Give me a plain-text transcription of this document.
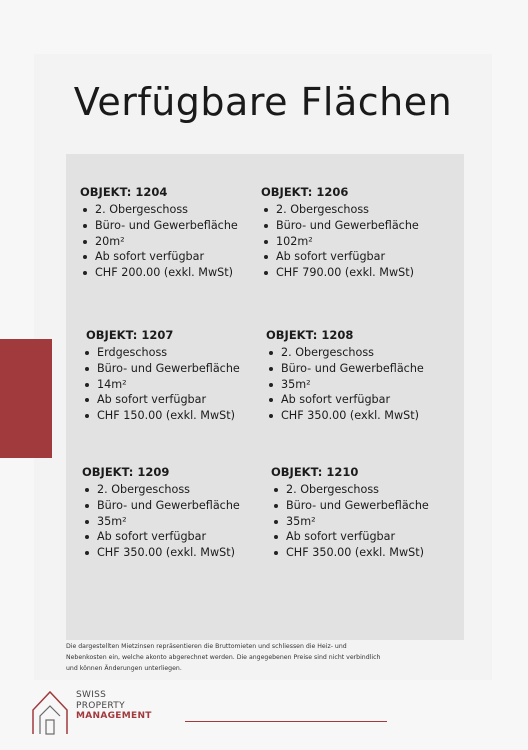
Verfügbare Flächen

OBJEKT: 1204

2. Obergeschoss
Büro- und Gewerbefläche
20m²
Ab sofort verfügbar
CHF 200.00 (exkl. MwSt)

OBJEKT: 1206

2. Obergeschoss
Büro- und Gewerbefläche
102m²
Ab sofort verfügbar
CHF 790.00 (exkl. MwSt)

OBJEKT: 1207

Erdgeschoss
Büro- und Gewerbefläche
14m²
Ab sofort verfügbar
CHF 150.00 (exkl. MwSt)

OBJEKT: 1208

2. Obergeschoss
Büro- und Gewerbefläche
35m²
Ab sofort verfügbar
CHF 350.00 (exkl. MwSt)

OBJEKT: 1209

2. Obergeschoss
Büro- und Gewerbefläche
35m²
Ab sofort verfügbar
CHF 350.00 (exkl. MwSt)

OBJEKT: 1210

2. Obergeschoss
Büro- und Gewerbefläche
35m²
Ab sofort verfügbar
CHF 350.00 (exkl. MwSt)
Die dargestellten Mietzinsen repräsentieren die Bruttomieten und schliessen die Heiz- und
Nebenkosten ein, welche akonto abgerechnet werden. Die angegebenen Preise sind nicht verbindlich
und können Änderungen unterliegen.
SWISS
PROPERTY
MANAGEMENT
